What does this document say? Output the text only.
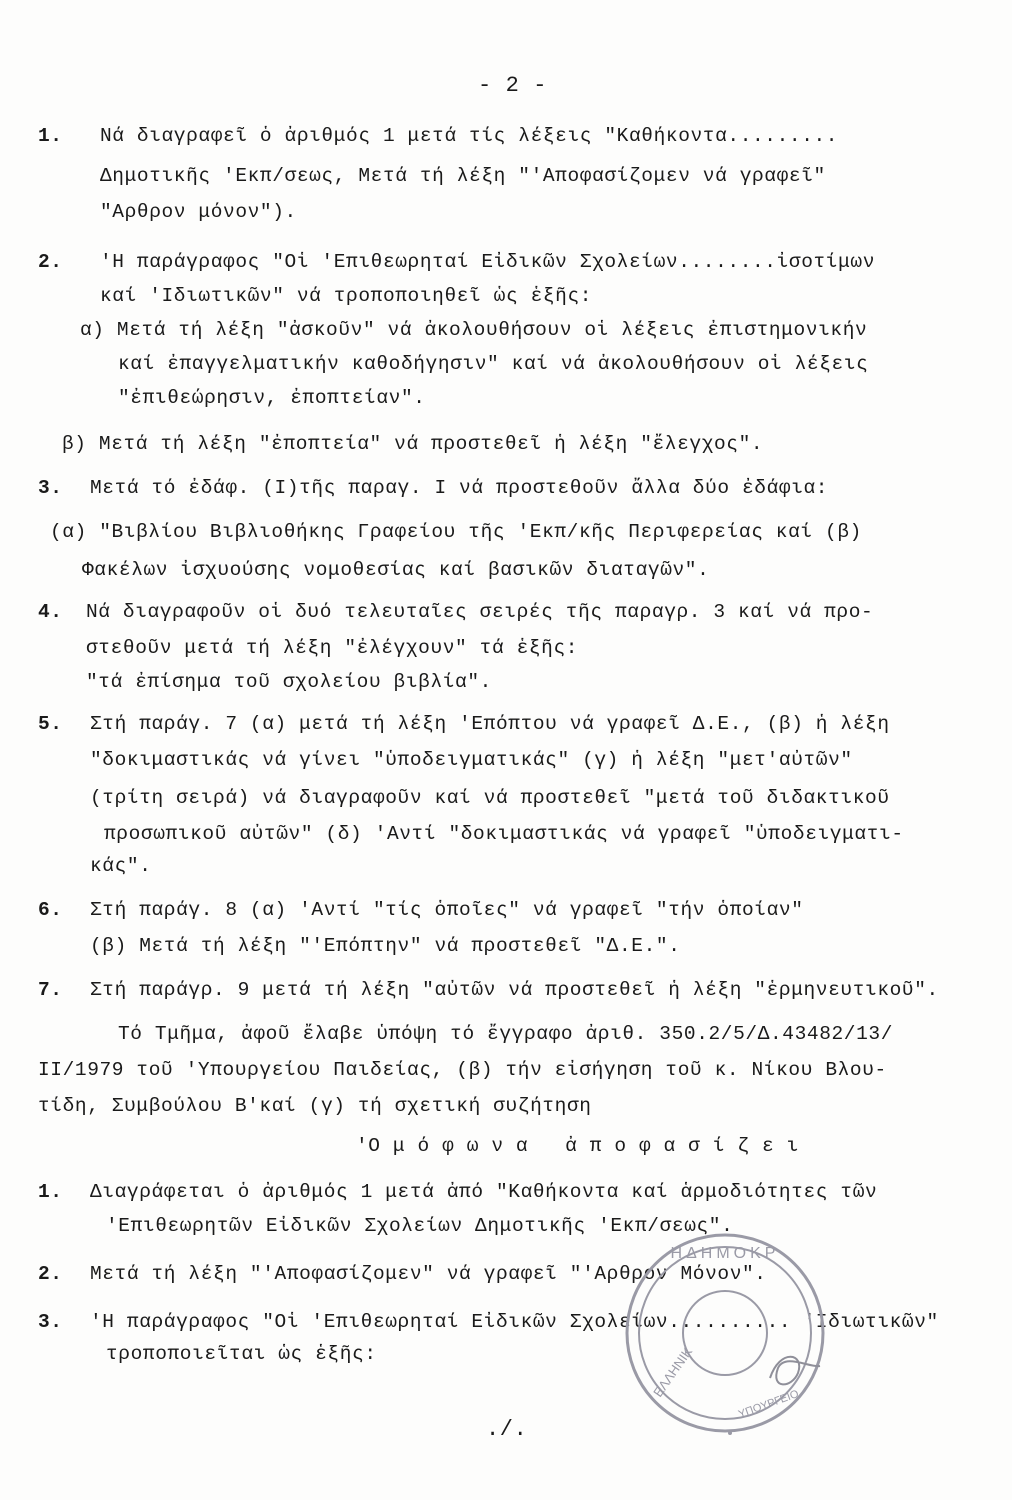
- 2 -
1. Νά διαγραφεῖ ὁ ἀριθμός 1 μετά τίς λέξεις "Καθήκοντα.........
Δημοτικῆς 'Εκπ/σεως, Μετά τή λέξη "'Αποφασίζομεν νά γραφεῖ"
"Αρθρον μόνον").
2. 'Η παράγραφος "Οἱ 'Επιθεωρηταί Εἰδικῶν Σχολείων........ἰσοτίμων
καί 'Ιδιωτικῶν" νά τροποποιηθεῖ ὡς ἑξῆς:
α) Μετά τή λέξη "ἀσκοῦν" νά ἀκολουθήσουν οἱ λέξεις ἐπιστημονικήν
καί ἐπαγγελματικήν καθοδήγησιν" καί νά ἀκολουθήσουν οἱ λέξεις
"ἐπιθεώρησιν, ἐποπτείαν".
β) Μετά τή λέξη "ἐποπτεία" νά προστεθεῖ ἡ λέξη "ἔλεγχος".
3. Μετά τό ἐδάφ. (Ι)τῆς παραγ. Ι νά προστεθοῦν ἄλλα δύο ἐδάφια:
(α) "Βιβλίου Βιβλιοθήκης Γραφείου τῆς 'Εκπ/κῆς Περιφερείας καί (β)
Φακέλων ἰσχυούσης νομοθεσίας καί βασικῶν διαταγῶν".
4. Νά διαγραφοῦν οἱ δυό τελευταῖες σειρές τῆς παραγρ. 3 καί νά προ-
στεθοῦν μετά τή λέξη "ἐλέγχουν" τά ἑξῆς:
"τά ἐπίσημα τοῦ σχολείου βιβλία".
5. Στή παράγ. 7 (α) μετά τή λέξη 'Επόπτου νά γραφεῖ Δ.Ε., (β) ἡ λέξη
"δοκιμαστικάς νά γίνει "ὑποδειγματικάς" (γ) ἡ λέξη "μετ'αὐτῶν"
(τρίτη σειρά) νά διαγραφοῦν καί νά προστεθεῖ "μετά τοῦ διδακτικοῦ
προσωπικοῦ αὐτῶν" (δ) 'Αντί "δοκιμαστικάς νά γραφεῖ "ὑποδειγματι-
κάς".
6. Στή παράγ. 8 (α) 'Αντί "τίς ὁποῖες" νά γραφεῖ "τήν ὁποίαν"
(β) Μετά τή λέξη "'Επόπτην" νά προστεθεῖ "Δ.Ε.".
7. Στή παράγρ. 9 μετά τή λέξη "αὐτῶν νά προστεθεῖ ἡ λέξη "ἑρμηνευτικοῦ".
Τό Τμῆμα, ἀφοῦ ἔλαβε ὑπόψη τό ἔγγραφο ἀριθ. 350.2/5/Δ.43482/13/
ΙΙ/1979 τοῦ 'Υπουργείου Παιδείας, (β) τήν εἰσήγηση τοῦ κ. Νίκου Βλου-
τίδη, Συμβούλου Β'καί (γ) τή σχετική συζήτηση
'Ο μ ό φ ω ν α   ἀ π ο φ α σ ί ζ ε ι
1. Διαγράφεται ὁ ἀριθμός 1 μετά ἀπό "Καθήκοντα καί ἁρμοδιότητες τῶν
'Επιθεωρητῶν Εἰδικῶν Σχολείων Δημοτικῆς 'Εκπ/σεως".
2. Μετά τή λέξη "'Αποφασίζομεν" νά γραφεῖ "'Αρθρον Μόνον".
3. 'Η παράγραφος "Οἱ 'Επιθεωρηταί Εἰδικῶν Σχολείων.......... 'Ιδιωτικῶν"
τροποποιεῖται ὡς ἑξῆς:
./.
ΗΔΗΜΟΚΡ
ΕΛΛΗΝΙΚ
ΥΠΟΥΡΓΕΙΟ
